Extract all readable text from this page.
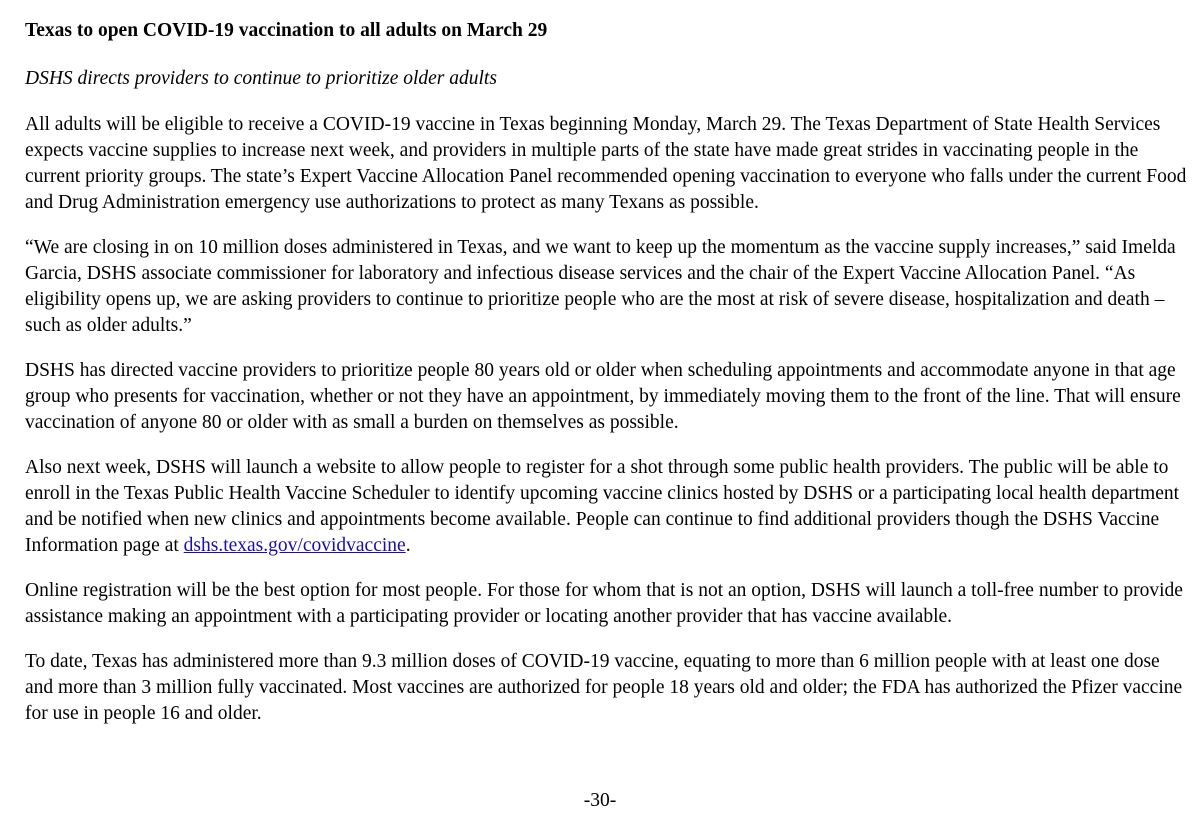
Texas to open COVID-19 vaccination to all adults on March 29
DSHS directs providers to continue to prioritize older adults

All adults will be eligible to receive a COVID-19 vaccine in Texas beginning Monday, March 29. The Texas Department of State Health Services expects vaccine supplies to increase next week, and providers in multiple parts of the state have made great strides in vaccinating people in the current priority groups. The state’s Expert Vaccine Allocation Panel recommended opening vaccination to everyone who falls under the current Food and Drug Administration emergency use authorizations to protect as many Texans as possible.

“We are closing in on 10 million doses administered in Texas, and we want to keep up the momentum as the vaccine supply increases,” said Imelda Garcia, DSHS associate commissioner for laboratory and infectious disease services and the chair of the Expert Vaccine Allocation Panel. “As eligibility opens up, we are asking providers to continue to prioritize people who are the most at risk of severe disease, hospitalization and death – such as older adults.”

DSHS has directed vaccine providers to prioritize people 80 years old or older when scheduling appointments and accommodate anyone in that age group who presents for vaccination, whether or not they have an appointment, by immediately moving them to the front of the line. That will ensure vaccination of anyone 80 or older with as small a burden on themselves as possible.

Also next week, DSHS will launch a website to allow people to register for a shot through some public health providers. The public will be able to enroll in the Texas Public Health Vaccine Scheduler to identify upcoming vaccine clinics hosted by DSHS or a participating local health department and be notified when new clinics and appointments become available. People can continue to find additional providers though the DSHS Vaccine Information page at dshs.texas.gov/covidvaccine.

Online registration will be the best option for most people. For those for whom that is not an option, DSHS will launch a toll-free number to provide assistance making an appointment with a participating provider or locating another provider that has vaccine available.

To date, Texas has administered more than 9.3 million doses of COVID-19 vaccine, equating to more than 6 million people with at least one dose and more than 3 million fully vaccinated. Most vaccines are authorized for people 18 years old and older; the FDA has authorized the Pfizer vaccine for use in people 16 and older.

-30-
